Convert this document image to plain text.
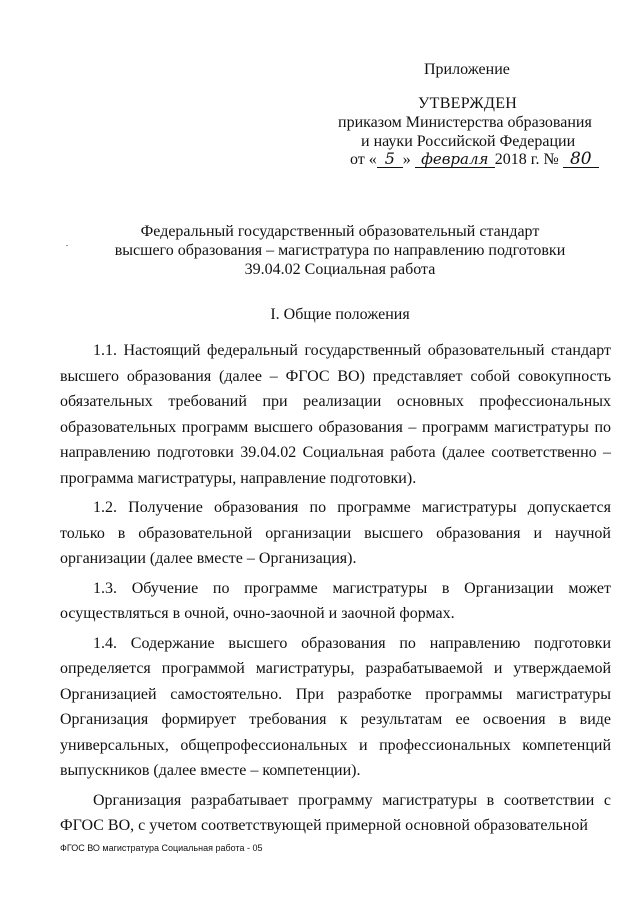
Приложение
УТВЕРЖДЕН
приказом Министерства образования
и науки Российской Федерации
от « 5 » февраля 2018 г. № 80
Федеральный государственный образовательный стандарт
высшего образования – магистратура по направлению подготовки
39.04.02 Социальная работа
I. Общие положения

1.1. Настоящий федеральный государственный образовательный стандарт высшего образования (далее – ФГОС ВО) представляет собой совокупность обязательных требований при реализации основных профессиональных образовательных программ высшего образования – программ магистратуры по направлению подготовки 39.04.02 Социальная работа (далее соответственно – программа магистратуры, направление подготовки).

1.2. Получение образования по программе магистратуры допускается только в образовательной организации высшего образования и научной организации (далее вместе – Организация).

1.3. Обучение по программе магистратуры в Организации может осуществляться в очной, очно-заочной и заочной формах.

1.4. Содержание высшего образования по направлению подготовки определяется программой магистратуры, разрабатываемой и утверждаемой Организацией самостоятельно. При разработке программы магистратуры Организация формирует требования к результатам ее освоения в виде универсальных, общепрофессиональных и профессиональных компетенций выпускников (далее вместе – компетенции).

Организация разрабатывает программу магистратуры в соответствии с ФГОС ВО, с учетом соответствующей примерной основной образовательной

ФГОС ВО магистратура Социальная работа - 05
